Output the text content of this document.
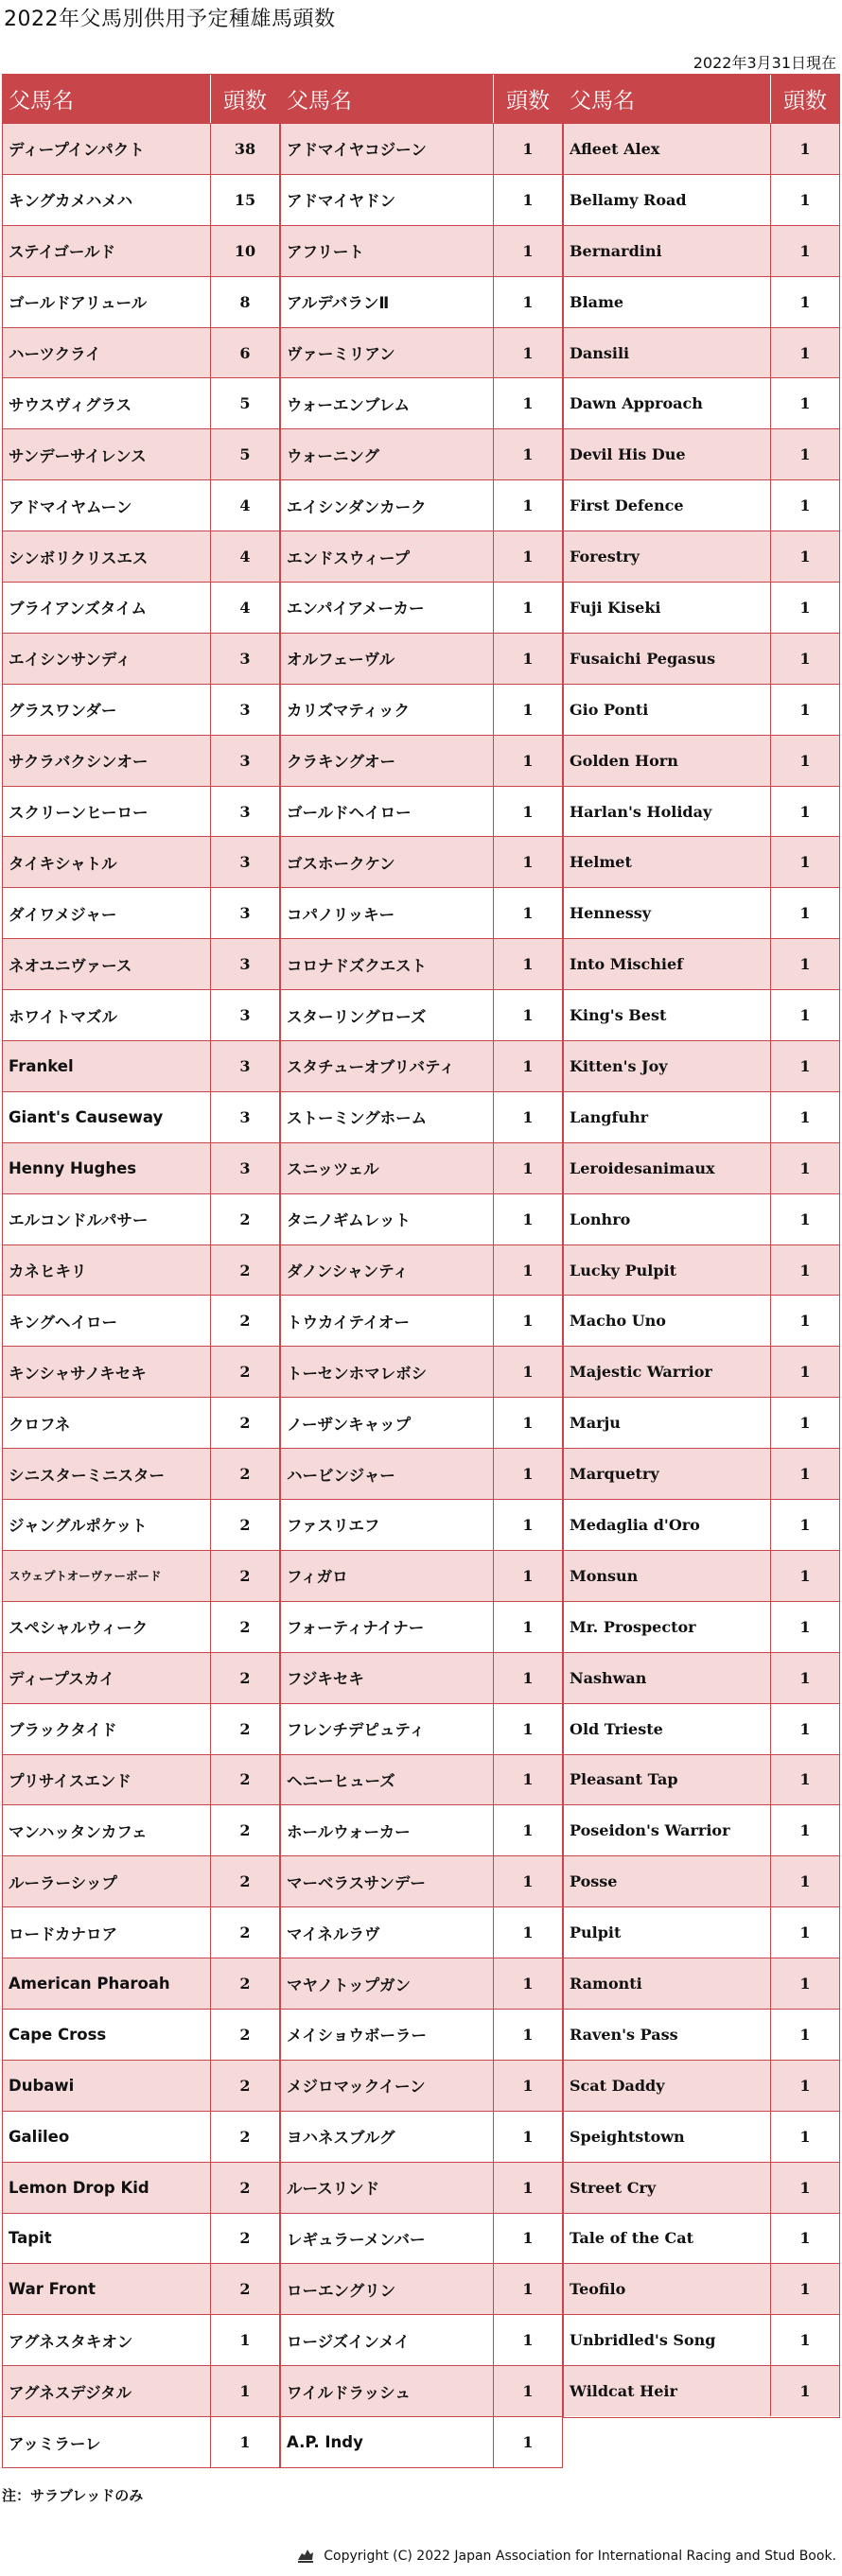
2022年父馬別供用予定種雄馬頭数
2022年3月31日現在
父馬名	頭数
ディープインパクト	38
キングカメハメハ	15
ステイゴールド	10
ゴールドアリュール	8
ハーツクライ	6
サウスヴィグラス	5
サンデーサイレンス	5
アドマイヤムーン	4
シンボリクリスエス	4
ブライアンズタイム	4
エイシンサンディ	3
グラスワンダー	3
サクラバクシンオー	3
スクリーンヒーロー	3
タイキシャトル	3
ダイワメジャー	3
ネオユニヴァース	3
ホワイトマズル	3
Frankel	3
Giant's Causeway	3
Henny Hughes	3
エルコンドルパサー	2
カネヒキリ	2
キングヘイロー	2
キンシャサノキセキ	2
クロフネ	2
シニスターミニスター	2
ジャングルポケット	2
スウェプトオーヴァーボード	2
スペシャルウィーク	2
ディープスカイ	2
ブラックタイド	2
プリサイスエンド	2
マンハッタンカフェ	2
ルーラーシップ	2
ロードカナロア	2
American Pharoah	2
Cape Cross	2
Dubawi	2
Galileo	2
Lemon Drop Kid	2
Tapit	2
War Front	2
アグネスタキオン	1
アグネスデジタル	1
アッミラーレ	1
父馬名	頭数
アドマイヤコジーン	1
アドマイヤドン	1
アフリート	1
アルデバランⅡ	1
ヴァーミリアン	1
ウォーエンブレム	1
ウォーニング	1
エイシンダンカーク	1
エンドスウィープ	1
エンパイアメーカー	1
オルフェーヴル	1
カリズマティック	1
クラキングオー	1
ゴールドヘイロー	1
ゴスホークケン	1
コパノリッキー	1
コロナドズクエスト	1
スターリングローズ	1
スタチューオブリバティ	1
ストーミングホーム	1
スニッツェル	1
タニノギムレット	1
ダノンシャンティ	1
トウカイテイオー	1
トーセンホマレボシ	1
ノーザンキャップ	1
ハービンジャー	1
ファスリエフ	1
フィガロ	1
フォーティナイナー	1
フジキセキ	1
フレンチデピュティ	1
ヘニーヒューズ	1
ホールウォーカー	1
マーベラスサンデー	1
マイネルラヴ	1
マヤノトップガン	1
メイショウボーラー	1
メジロマックイーン	1
ヨハネスブルグ	1
ルースリンド	1
レギュラーメンバー	1
ローエングリン	1
ロージズインメイ	1
ワイルドラッシュ	1
A.P. Indy	1
父馬名	頭数
Afleet Alex	1
Bellamy Road	1
Bernardini	1
Blame	1
Dansili	1
Dawn Approach	1
Devil His Due	1
First Defence	1
Forestry	1
Fuji Kiseki	1
Fusaichi Pegasus	1
Gio Ponti	1
Golden Horn	1
Harlan's Holiday	1
Helmet	1
Hennessy	1
Into Mischief	1
King's Best	1
Kitten's Joy	1
Langfuhr	1
Leroidesanimaux	1
Lonhro	1
Lucky Pulpit	1
Macho Uno	1
Majestic Warrior	1
Marju	1
Marquetry	1
Medaglia d'Oro	1
Monsun	1
Mr. Prospector	1
Nashwan	1
Old Trieste	1
Pleasant Tap	1
Poseidon's Warrior	1
Posse	1
Pulpit	1
Ramonti	1
Raven's Pass	1
Scat Daddy	1
Speightstown	1
Street Cry	1
Tale of the Cat	1
Teofilo	1
Unbridled's Song	1
Wildcat Heir	1
注：サラブレッドのみ
Copyright (C) 2022 Japan Association for International Racing and Stud Book.
